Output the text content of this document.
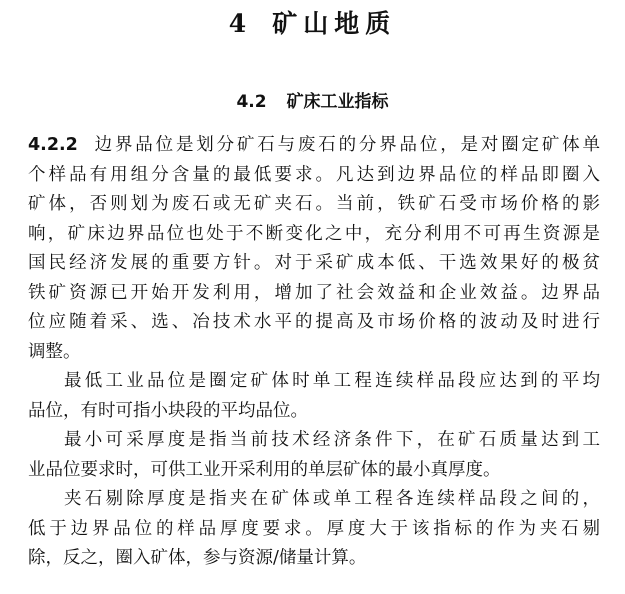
4 矿山地质
4.2 矿床工业指标
4.2.2 边界品位是划分矿石与废石的分界品位，是对圈定矿体单
个样品有用组分含量的最低要求。凡达到边界品位的样品即圈入
矿体，否则划为废石或无矿夹石。当前，铁矿石受市场价格的影
响，矿床边界品位也处于不断变化之中，充分利用不可再生资源是
国民经济发展的重要方针。对于采矿成本低、干选效果好的极贫
铁矿资源已开始开发利用，增加了社会效益和企业效益。边界品
位应随着采、选、冶技术水平的提高及市场价格的波动及时进行
调整。
最低工业品位是圈定矿体时单工程连续样品段应达到的平均
品位，有时可指小块段的平均品位。
最小可采厚度是指当前技术经济条件下，在矿石质量达到工
业品位要求时，可供工业开采利用的单层矿体的最小真厚度。
夹石剔除厚度是指夹在矿体或单工程各连续样品段之间的，
低于边界品位的样品厚度要求。厚度大于该指标的作为夹石剔
除，反之，圈入矿体，参与资源/储量计算。
